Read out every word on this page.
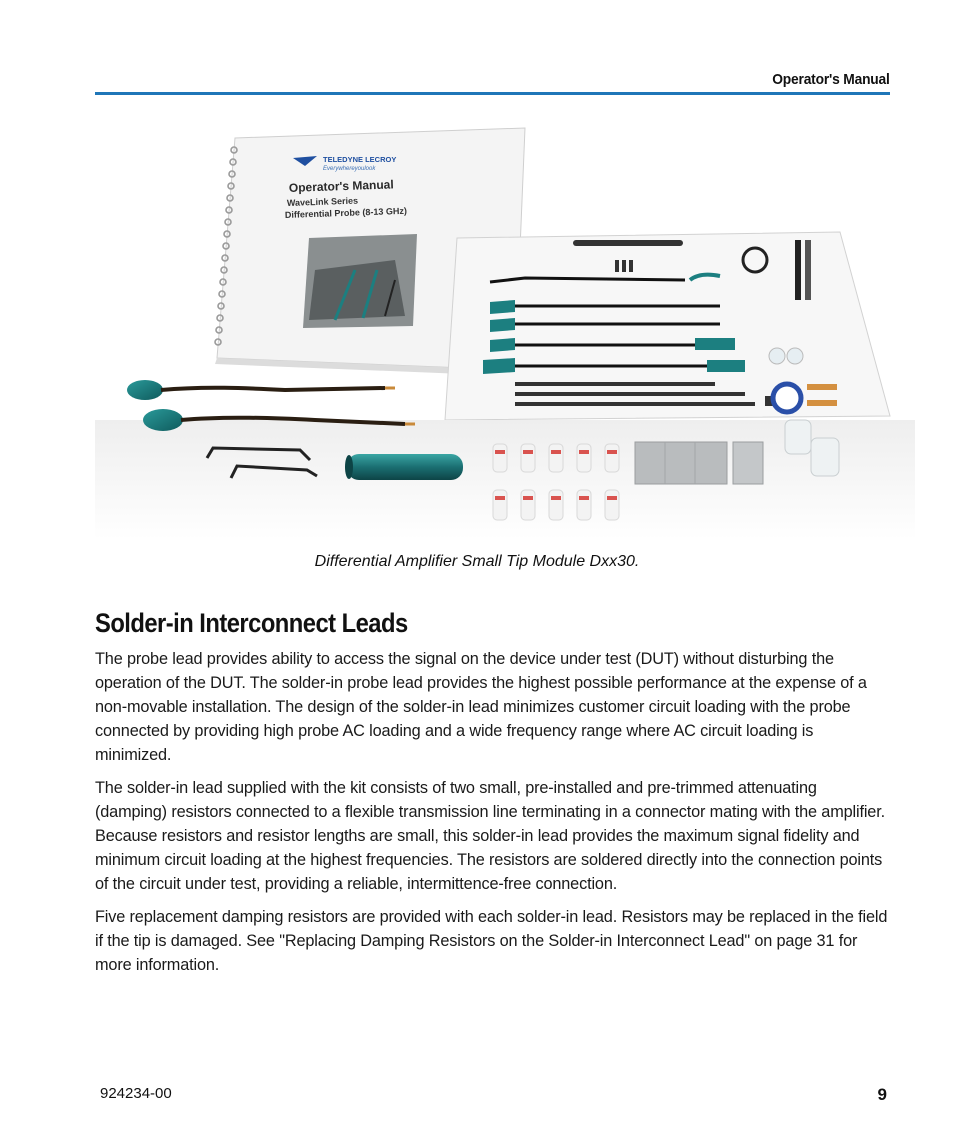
Operator's Manual
TELEDYNE LECROY
Everywhereyoulook
Operator's Manual
WaveLink Series
Differential Probe (8-13 GHz)
Differential Amplifier Small Tip Module Dxx30.
Solder-in Interconnect Leads

The probe lead provides ability to access the signal on the device under test (DUT) without disturbing the operation of the DUT. The solder-in probe lead provides the highest possible performance at the expense of a non-movable installation. The design of the solder-in lead minimizes customer circuit loading with the probe connected by providing high probe AC loading and a wide frequency range where AC circuit loading is minimized.

The solder-in lead supplied with the kit consists of two small, pre-installed and pre-trimmed attenuating (damping) resistors connected to a flexible transmission line terminating in a connector mating with the amplifier. Because resistors and resistor lengths are small, this solder-in lead provides the maximum signal fidelity and minimum circuit loading at the highest frequencies. The resistors are soldered directly into the connection points of the circuit under test, providing a reliable, intermittence-free connection.

Five replacement damping resistors are provided with each solder-in lead. Resistors may be replaced in the field if the tip is damaged. See "Replacing Damping Resistors on the Solder-in Interconnect Lead" on page 31 for more information.

924234-00	9
